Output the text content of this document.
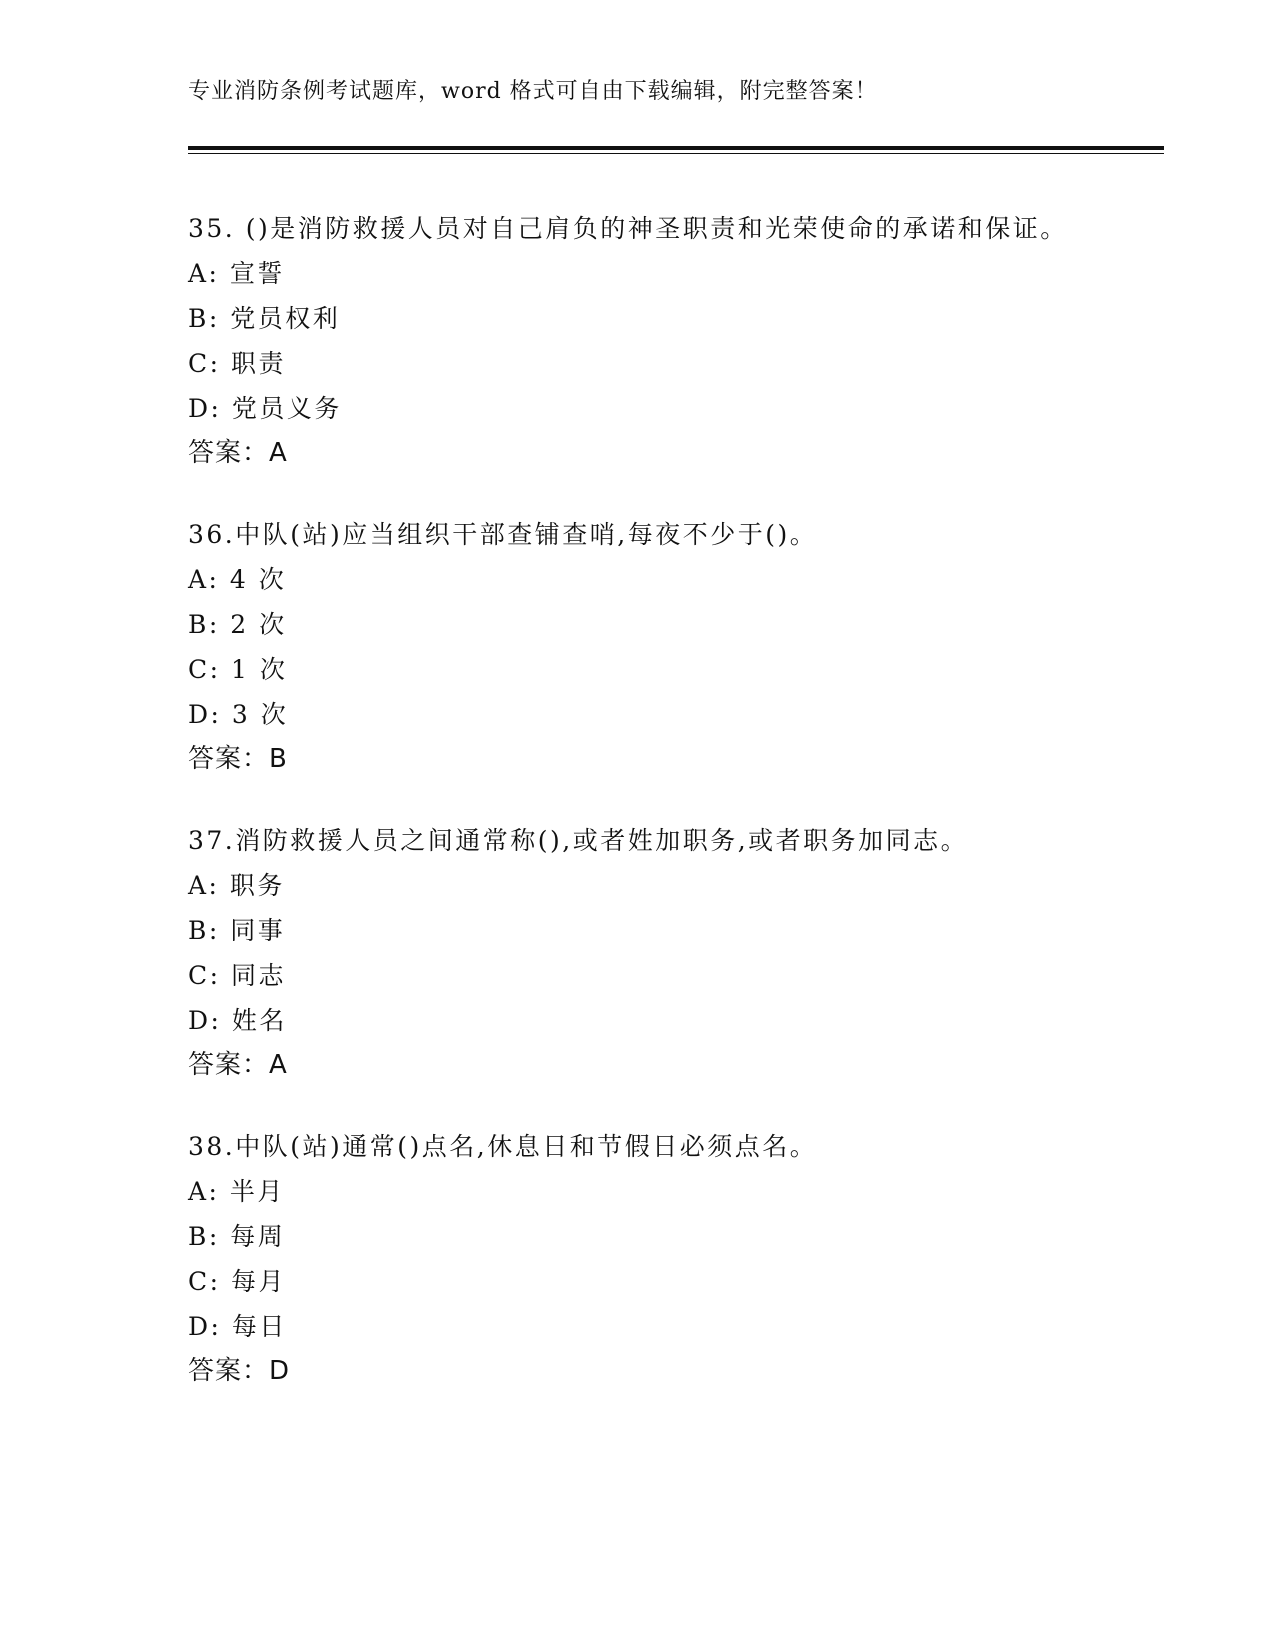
专业消防条例考试题库，word 格式可自由下载编辑，附完整答案！
35. ()是消防救援人员对自己肩负的神圣职责和光荣使命的承诺和保证。
A: 宣誓
B: 党员权利
C: 职责
D: 党员义务
答案：A
36.中队(站)应当组织干部查铺查哨,每夜不少于()。
A: 4 次
B: 2 次
C: 1 次
D: 3 次
答案：B
37.消防救援人员之间通常称(),或者姓加职务,或者职务加同志。
A: 职务
B: 同事
C: 同志
D: 姓名
答案：A
38.中队(站)通常()点名,休息日和节假日必须点名。
A: 半月
B: 每周
C: 每月
D: 每日
答案：D
